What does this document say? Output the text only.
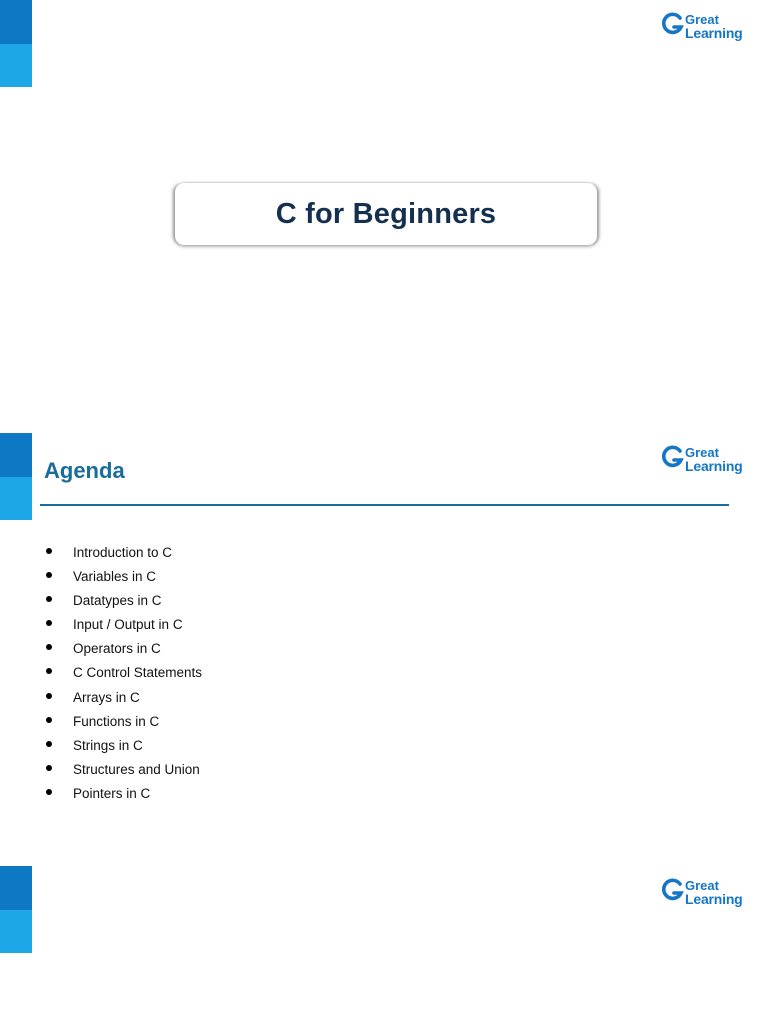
Great
Learning
C for Beginners
Great
Learning
Agenda
Introduction to C
Variables in C
Datatypes in C
Input / Output in C
Operators in C
C Control Statements
Arrays in C
Functions in C
Strings in C
Structures and Union
Pointers in C
Great
Learning
